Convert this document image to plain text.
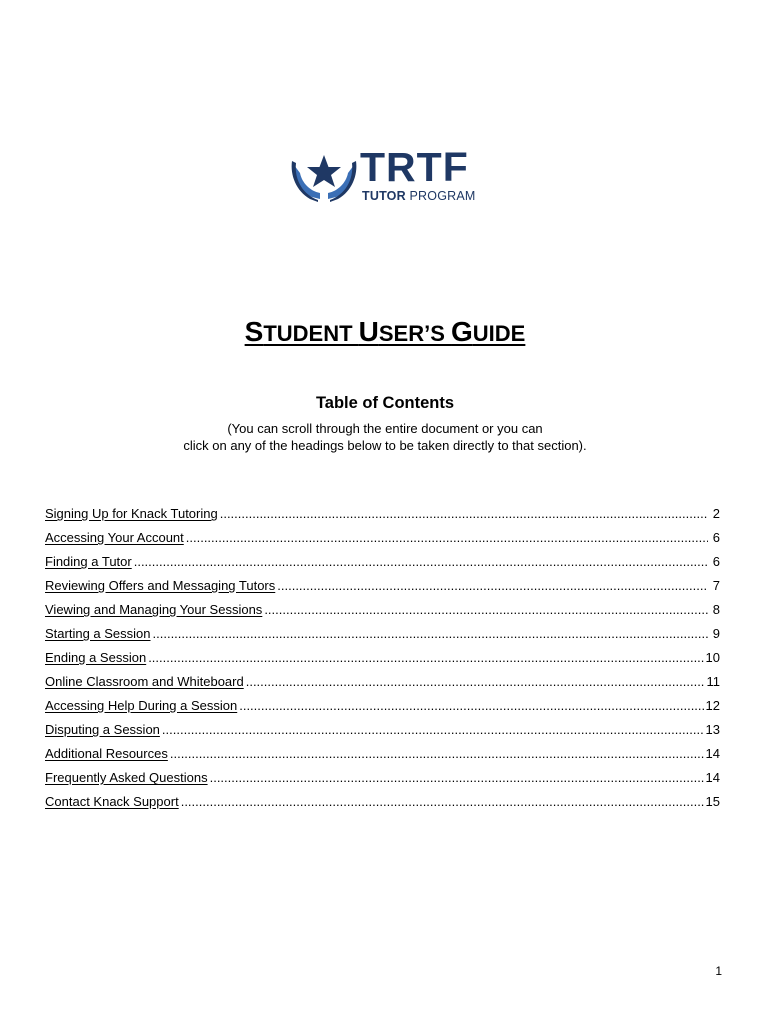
TRTF
TUTOR PROGRAM
STUDENT USER’S GUIDE
Table of Contents
(You can scroll through the entire document or you can
click on any of the headings below to be taken directly to that section).
Signing Up for Knack Tutoring .....	2
Accessing Your Account .....	6
Finding a Tutor .....	6
Reviewing Offers and Messaging Tutors .....	7
Viewing and Managing Your Sessions .....	8
Starting a Session .....	9
Ending a Session .....	10
Online Classroom and Whiteboard .....	11
Accessing Help During a Session .....	12
Disputing a Session .....	13
Additional Resources .....	14
Frequently Asked Questions .....	14
Contact Knack Support .....	15
1
